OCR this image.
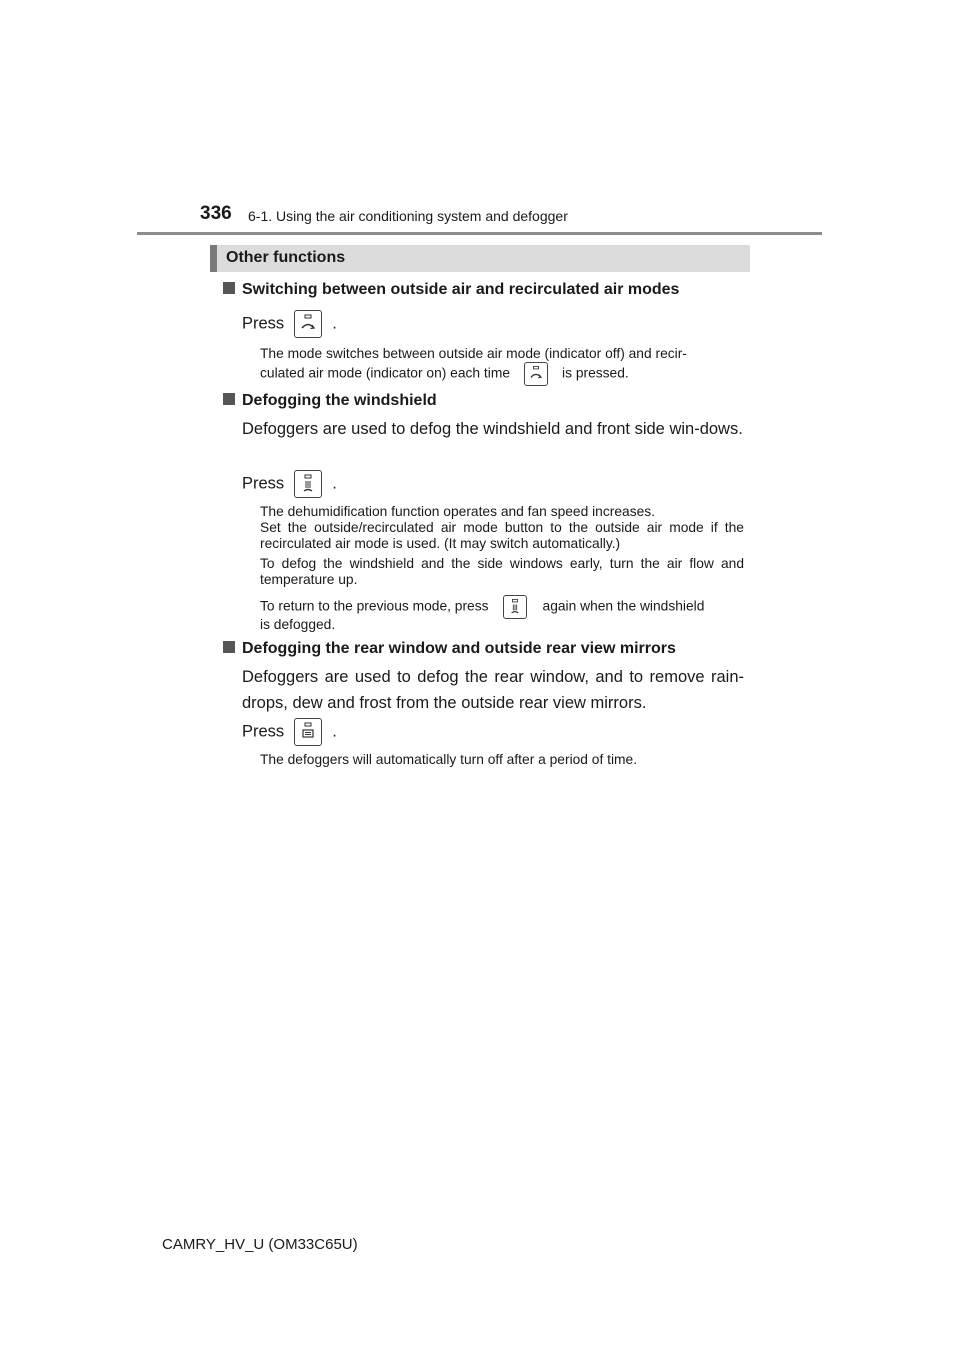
336 6-1. Using the air conditioning system and defogger
Other functions
Switching between outside air and recirculated air modes
Press	.
The mode switches between outside air mode (indicator off) and recir-
culated air mode (indicator on) each time	is pressed.
Defogging the windshield
Defoggers are used to defog the windshield and front side win-dows.
Press	.
The dehumidification function operates and fan speed increases.
Set the outside/recirculated air mode button to the outside air mode if the recirculated air mode is used. (It may switch automatically.)
To defog the windshield and the side windows early, turn the air flow and temperature up.
To return to the previous mode, press	again when the windshield
is defogged.
Defogging the rear window and outside rear view mirrors
Defoggers are used to defog the rear window, and to remove rain-drops, dew and frost from the outside rear view mirrors.
Press	.
The defoggers will automatically turn off after a period of time.
CAMRY_HV_U (OM33C65U)
